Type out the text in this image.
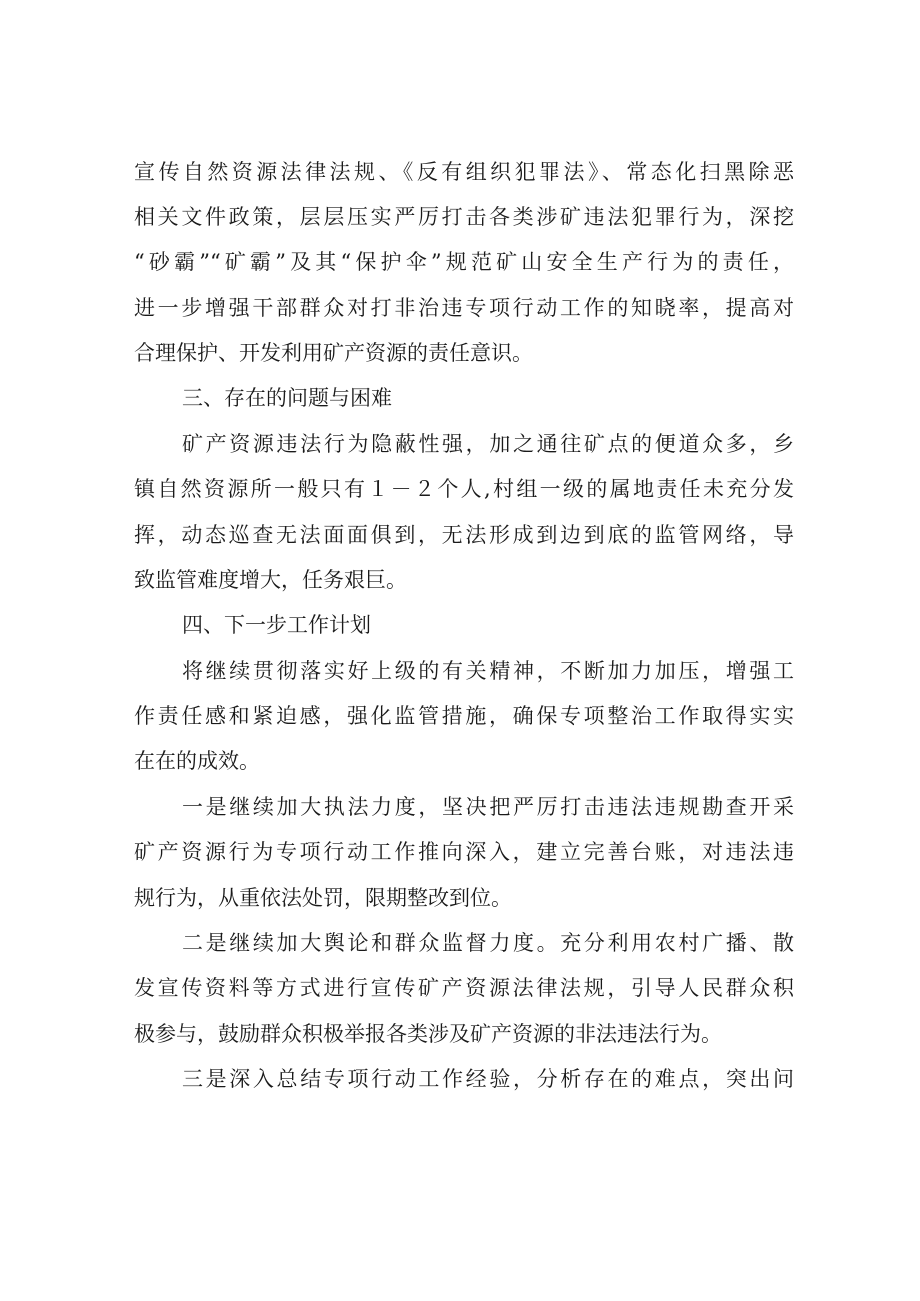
宣传自然资源法律法规、《反有组织犯罪法》、常态化扫黑除恶
相关文件政策，层层压实严厉打击各类涉矿违法犯罪行为，深挖
“砂霸”“矿霸”及其“保护伞”规范矿山安全生产行为的责任，
进一步增强干部群众对打非治违专项行动工作的知晓率，提高对
合理保护、开发利用矿产资源的责任意识。
三、存在的问题与困难
矿产资源违法行为隐蔽性强，加之通往矿点的便道众多，乡
镇自然资源所一般只有１－２个人,村组一级的属地责任未充分发
挥，动态巡查无法面面俱到，无法形成到边到底的监管网络，导
致监管难度增大，任务艰巨。
四、下一步工作计划
将继续贯彻落实好上级的有关精神，不断加力加压，增强工
作责任感和紧迫感，强化监管措施，确保专项整治工作取得实实
在在的成效。
一是继续加大执法力度，坚决把严厉打击违法违规勘查开采
矿产资源行为专项行动工作推向深入，建立完善台账，对违法违
规行为，从重依法处罚，限期整改到位。
二是继续加大舆论和群众监督力度。充分利用农村广播、散
发宣传资料等方式进行宣传矿产资源法律法规，引导人民群众积
极参与，鼓励群众积极举报各类涉及矿产资源的非法违法行为。
三是深入总结专项行动工作经验，分析存在的难点，突出问
